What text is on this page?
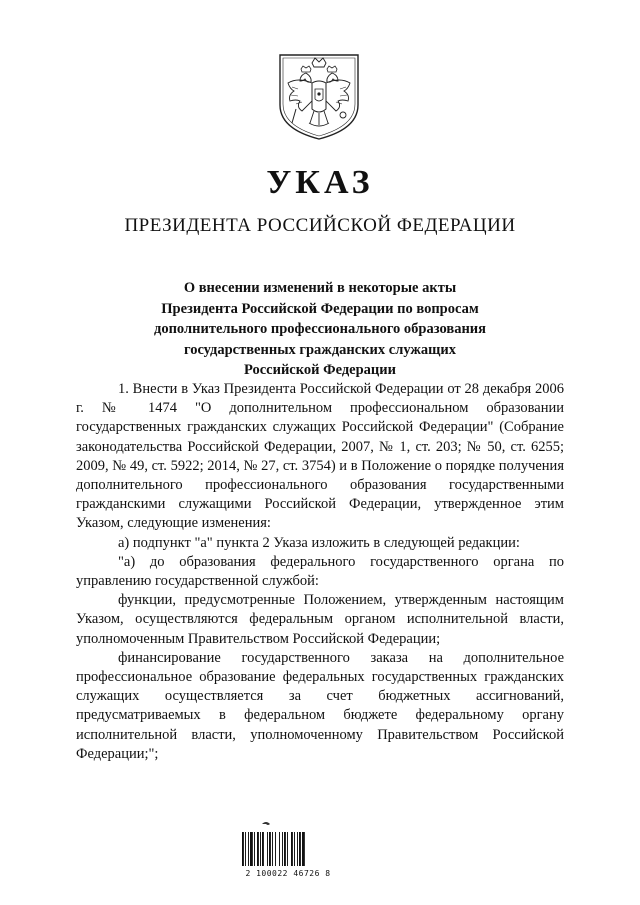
УКАЗ
ПРЕЗИДЕНТА РОССИЙСКОЙ ФЕДЕРАЦИИ
О внесении изменений в некоторые акты
Президента Российской Федерации по вопросам
дополнительного профессионального образования
государственных гражданских служащих
Российской Федерации

1. Внести в Указ Президента Российской Федерации от 28 декабря 2006 г. № 1474 "О дополнительном профессиональном образовании государственных гражданских служащих Российской Федерации" (Собрание законодательства Российской Федерации, 2007, № 1, ст. 203; № 50, ст. 6255; 2009, № 49, ст. 5922; 2014, № 27, ст. 3754) и в Положение о порядке получения дополнительного профессионального образования государственными гражданскими служащими Российской Федерации, утвержденное этим Указом, следующие изменения:

а) подпункт "а" пункта 2 Указа изложить в следующей редакции:

"а) до образования федерального государственного органа по управлению государственной службой:

функции, предусмотренные Положением, утвержденным настоящим Указом, осуществляются федеральным органом исполнительной власти, уполномоченным Правительством Российской Федерации;

финансирование государственного заказа на дополнительное профессиональное образование федеральных государственных гражданских служащих осуществляется за счет бюджетных ассигнований, предусматриваемых в федеральном бюджете федеральному органу исполнительной власти, уполномоченному Правительством Российской Федерации;";

2 100022 46726 8
